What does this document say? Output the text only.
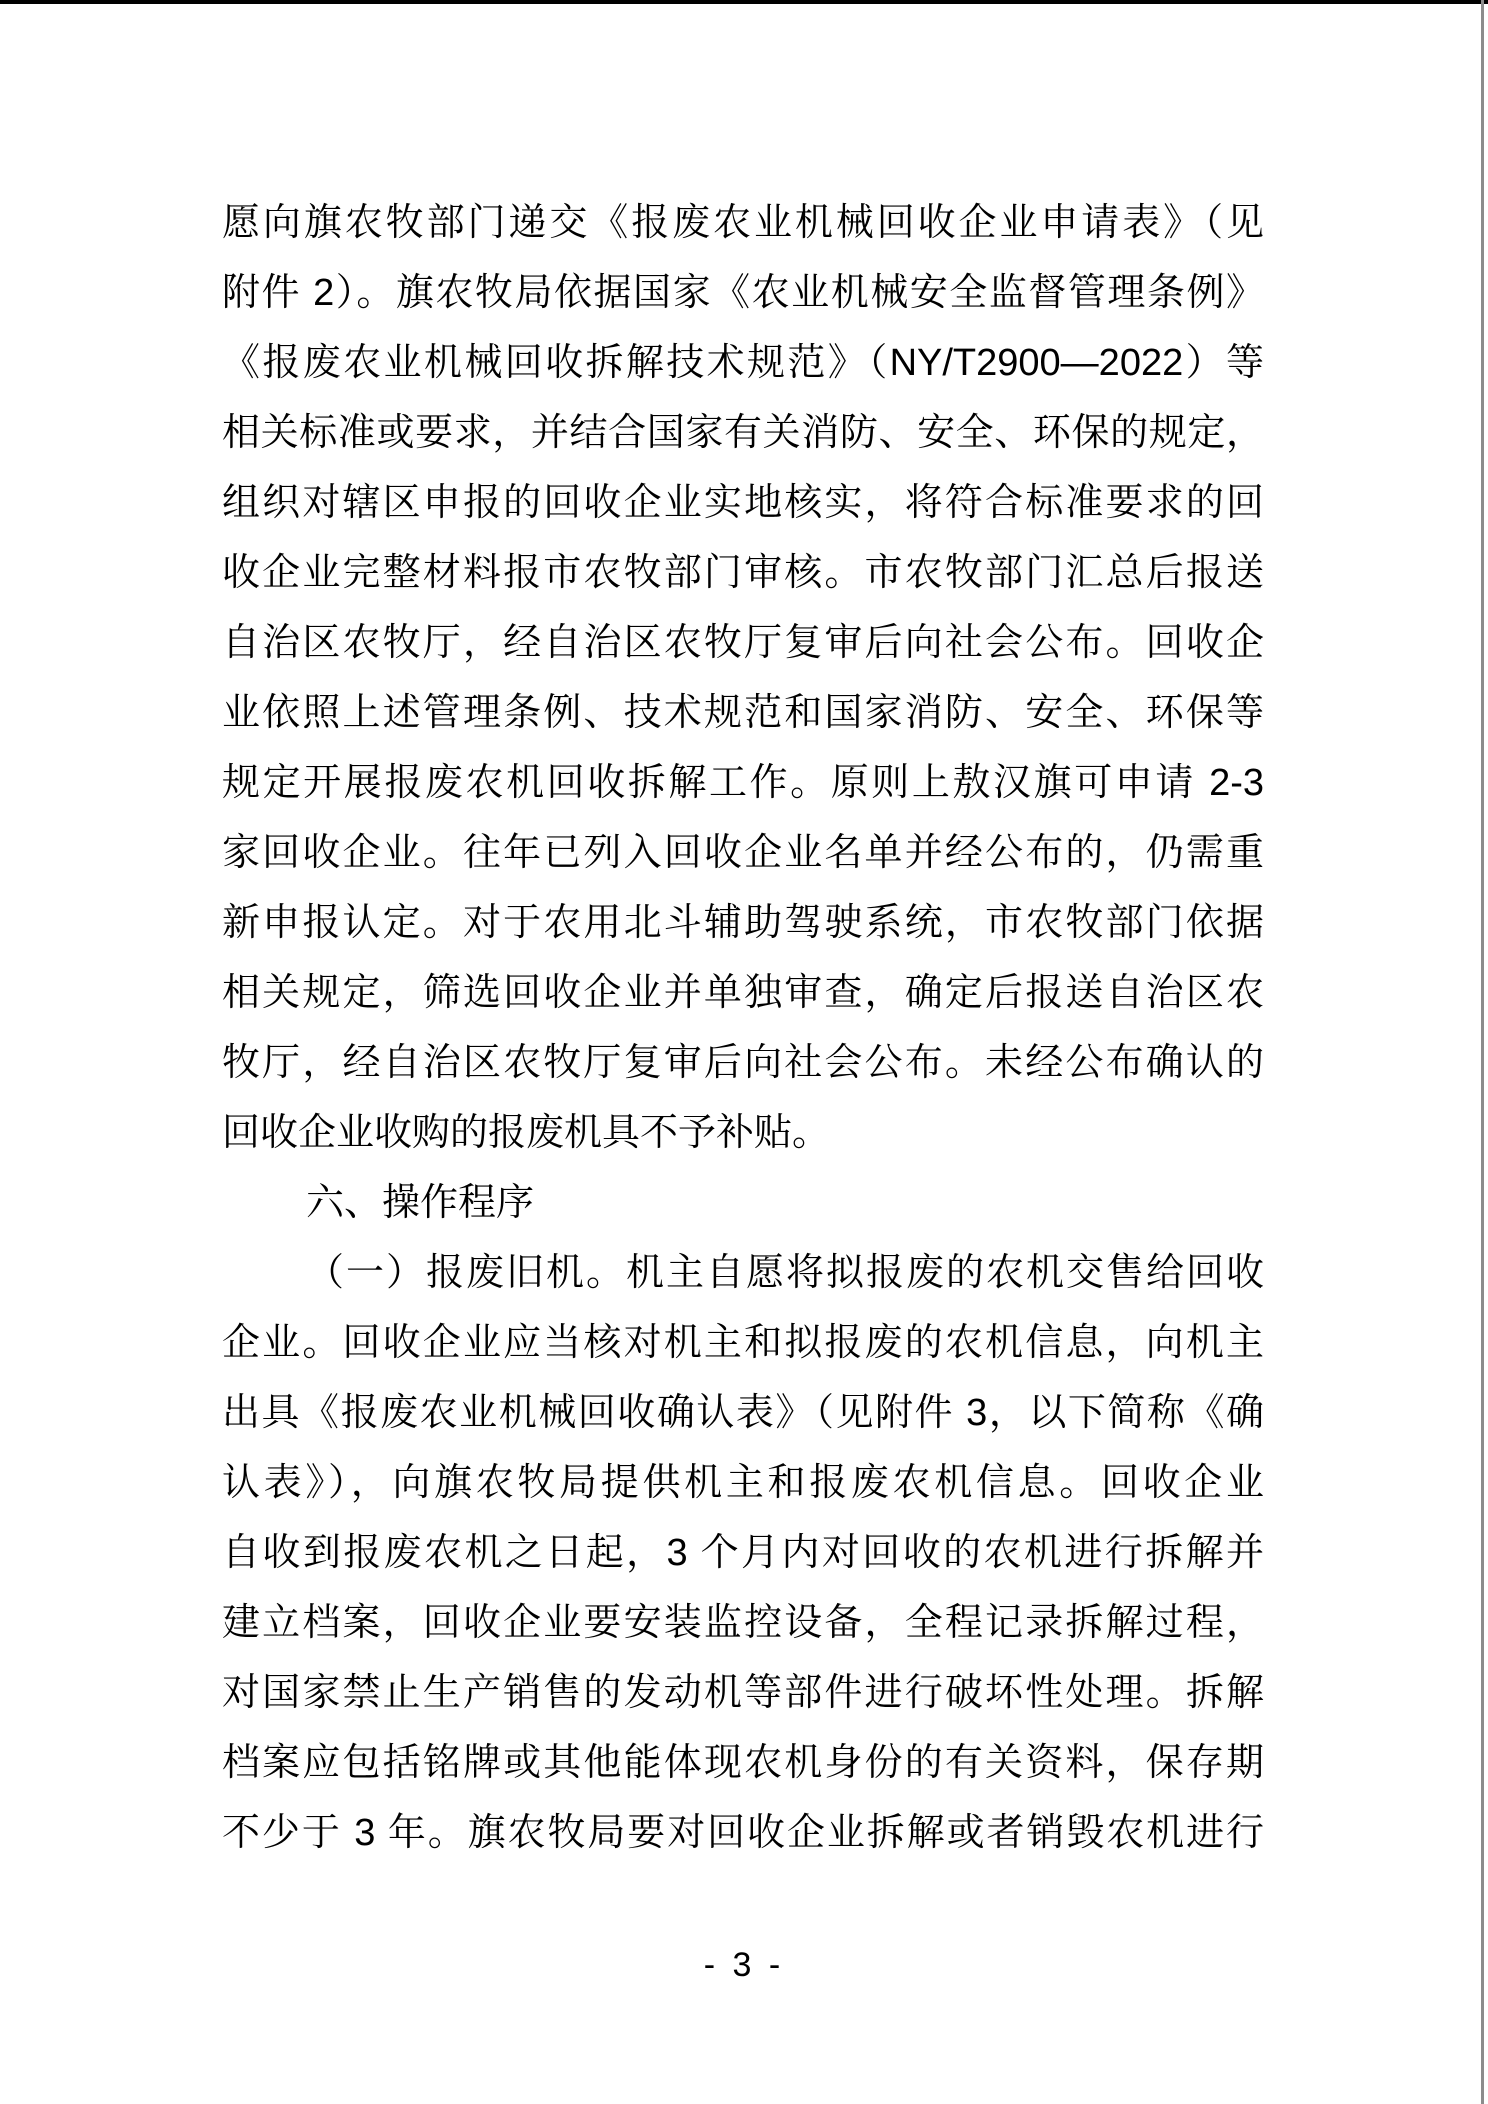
愿向旗农牧部门递交《报废农业机械回收企业申请表》（见
附件 2）。旗农牧局依据国家《农业机械安全监督管理条例》
《报废农业机械回收拆解技术规范》（NY/T2900—2022）等
相关标准或要求，并结合国家有关消防、安全、环保的规定，
组织对辖区申报的回收企业实地核实，将符合标准要求的回
收企业完整材料报市农牧部门审核。市农牧部门汇总后报送
自治区农牧厅，经自治区农牧厅复审后向社会公布。回收企
业依照上述管理条例、技术规范和国家消防、安全、环保等
规定开展报废农机回收拆解工作。原则上敖汉旗可申请 2-3
家回收企业。往年已列入回收企业名单并经公布的，仍需重
新申报认定。对于农用北斗辅助驾驶系统，市农牧部门依据
相关规定，筛选回收企业并单独审查，确定后报送自治区农
牧厅，经自治区农牧厅复审后向社会公布。未经公布确认的
回收企业收购的报废机具不予补贴。
六、操作程序
（一）报废旧机。机主自愿将拟报废的农机交售给回收
企业。回收企业应当核对机主和拟报废的农机信息，向机主
出具《报废农业机械回收确认表》（见附件 3，以下简称《确
认表》），向旗农牧局提供机主和报废农机信息。回收企业
自收到报废农机之日起，3 个月内对回收的农机进行拆解并
建立档案，回收企业要安装监控设备，全程记录拆解过程，
对国家禁止生产销售的发动机等部件进行破坏性处理。拆解
档案应包括铭牌或其他能体现农机身份的有关资料，保存期
不少于 3 年。旗农牧局要对回收企业拆解或者销毁农机进行
- 3 -
